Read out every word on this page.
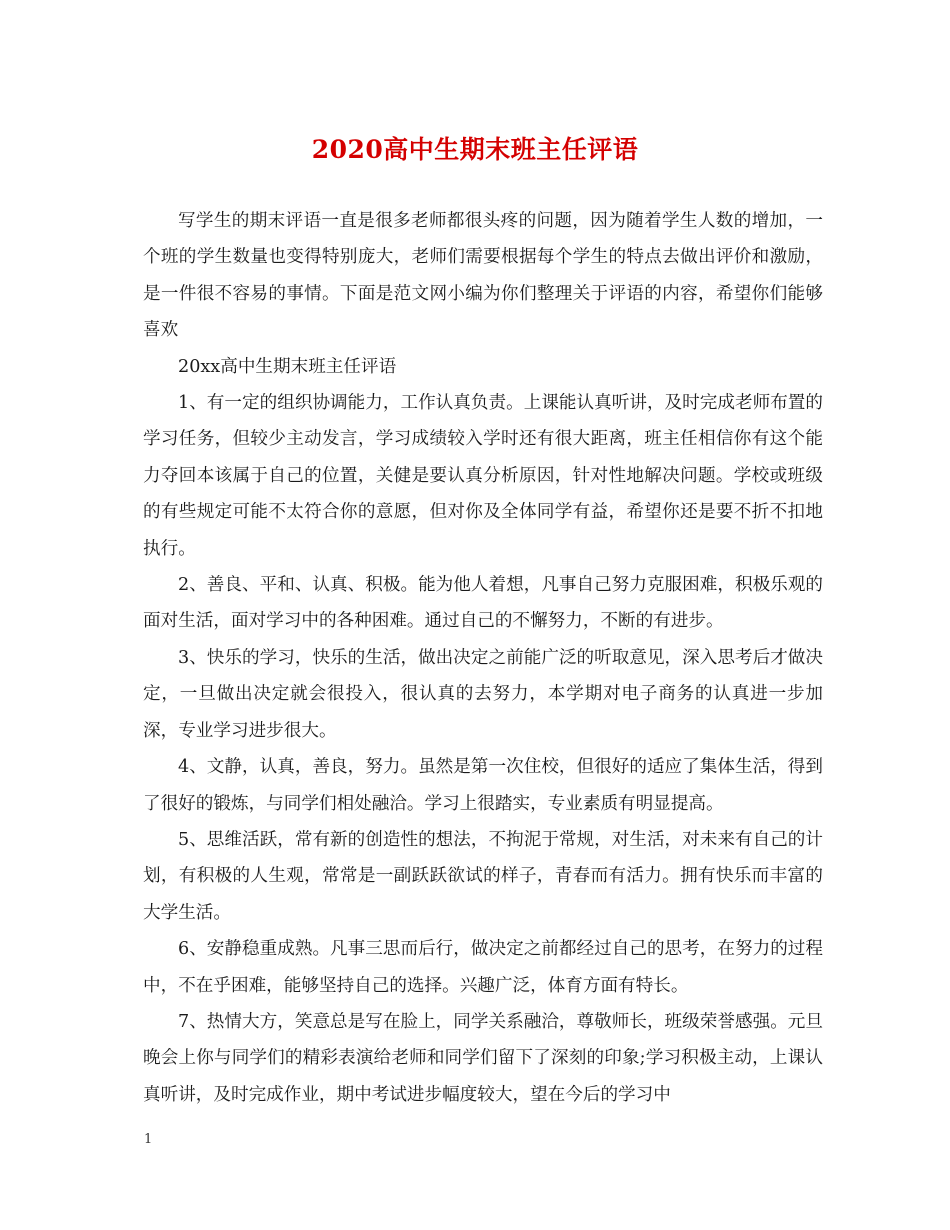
2020高中生期末班主任评语

写学生的期末评语一直是很多老师都很头疼的问题，因为随着学生人数的增加，一个班的学生数量也变得特别庞大，老师们需要根据每个学生的特点去做出评价和激励，是一件很不容易的事情。下面是范文网小编为你们整理关于评语的内容，希望你们能够喜欢

20xx高中生期末班主任评语

1、有一定的组织协调能力，工作认真负责。上课能认真听讲，及时完成老师布置的学习任务，但较少主动发言，学习成绩较入学时还有很大距离，班主任相信你有这个能力夺回本该属于自己的位置，关健是要认真分析原因，针对性地解决问题。学校或班级的有些规定可能不太符合你的意愿，但对你及全体同学有益，希望你还是要不折不扣地执行。

2、善良、平和、认真、积极。能为他人着想，凡事自己努力克服困难，积极乐观的面对生活，面对学习中的各种困难。通过自己的不懈努力，不断的有进步。

3、快乐的学习，快乐的生活，做出决定之前能广泛的听取意见，深入思考后才做决定，一旦做出决定就会很投入，很认真的去努力，本学期对电子商务的认真进一步加深，专业学习进步很大。

4、文静，认真，善良，努力。虽然是第一次住校，但很好的适应了集体生活，得到了很好的锻炼，与同学们相处融洽。学习上很踏实，专业素质有明显提高。

5、思维活跃，常有新的创造性的想法，不拘泥于常规，对生活，对未来有自己的计划，有积极的人生观，常常是一副跃跃欲试的样子，青春而有活力。拥有快乐而丰富的大学生活。

6、安静稳重成熟。凡事三思而后行，做决定之前都经过自己的思考，在努力的过程中，不在乎困难，能够坚持自己的选择。兴趣广泛，体育方面有特长。

7、热情大方，笑意总是写在脸上，同学关系融洽，尊敬师长，班级荣誉感强。元旦晚会上你与同学们的精彩表演给老师和同学们留下了深刻的印象;学习积极主动，上课认真听讲，及时完成作业，期中考试进步幅度较大，望在今后的学习中

1
